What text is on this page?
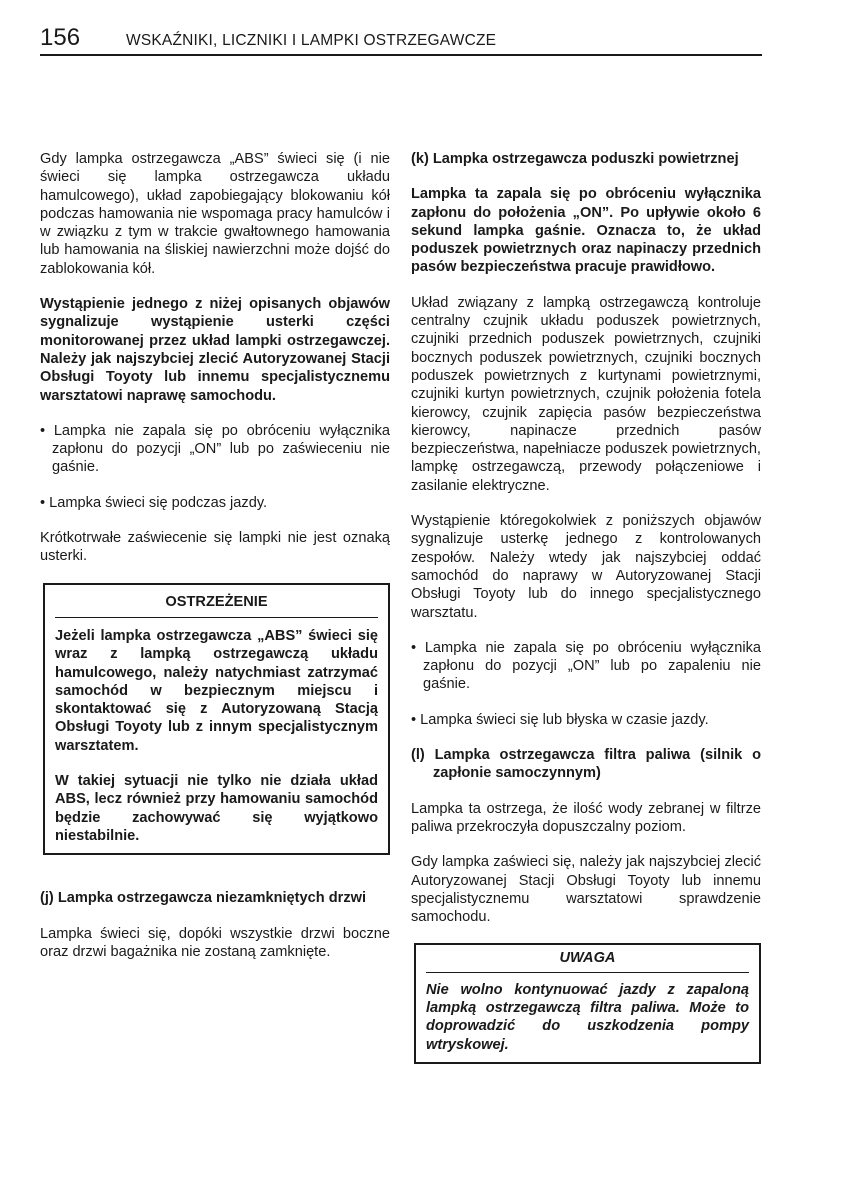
156	WSKAŹNIKI, LICZNIKI I LAMPKI OSTRZEGAWCZE

Gdy lampka ostrzegawcza „ABS” świeci się (i nie świeci się lampka ostrzegawcza układu hamulcowego), układ zapobiegający blokowaniu kół podczas hamowania nie wspomaga pracy hamulców i w związku z tym w trakcie gwałtownego hamowania lub hamowania na śliskiej nawierzchni może dojść do zablokowania kół.

Wystąpienie jednego z niżej opisanych objawów sygnalizuje wystąpienie usterki części monitorowanej przez układ lampki ostrzegawczej. Należy jak najszybciej zlecić Autoryzowanej Stacji Obsługi Toyoty lub innemu specjalistycznemu warsztatowi naprawę samochodu.

• Lampka nie zapala się po obróceniu wyłącznika zapłonu do pozycji „ON” lub po zaświeceniu nie gaśnie.

• Lampka świeci się podczas jazdy.

Krótkotrwałe zaświecenie się lampki nie jest oznaką usterki.

OSTRZEŻENIE

Jeżeli lampka ostrzegawcza „ABS” świeci się wraz z lampką ostrzegawczą układu hamulcowego, należy natychmiast zatrzymać samochód w bezpiecznym miejscu i skontaktować się z Autoryzowaną Stacją Obsługi Toyoty lub z innym specjalistycznym warsztatem.

W takiej sytuacji nie tylko nie działa układ ABS, lecz również przy hamowaniu samochód będzie zachowywać się wyjątkowo niestabilnie.

(j) Lampka ostrzegawcza niezamkniętych drzwi

Lampka świeci się, dopóki wszystkie drzwi boczne oraz drzwi bagażnika nie zostaną zamknięte.

(k) Lampka ostrzegawcza poduszki powietrznej

Lampka ta zapala się po obróceniu wyłącznika zapłonu do położenia „ON”. Po upływie około 6 sekund lampka gaśnie. Oznacza to, że układ poduszek powietrznych oraz napinaczy przednich pasów bezpieczeństwa pracuje prawidłowo.

Układ związany z lampką ostrzegawczą kontroluje centralny czujnik układu poduszek powietrznych, czujniki przednich poduszek powietrznych, czujniki bocznych poduszek powietrznych, czujniki bocznych poduszek powietrznych z kurtynami powietrznymi, czujniki kurtyn powietrznych, czujnik położenia fotela kierowcy, czujnik zapięcia pasów bezpieczeństwa kierowcy, napinacze przednich pasów bezpieczeństwa, napełniacze poduszek powietrznych, lampkę ostrzegawczą, przewody połączeniowe i zasilanie elektryczne.

Wystąpienie któregokolwiek z poniższych objawów sygnalizuje usterkę jednego z kontrolowanych zespołów. Należy wtedy jak najszybciej oddać samochód do naprawy w Autoryzowanej Stacji Obsługi Toyoty lub do innego specjalistycznego warsztatu.

• Lampka nie zapala się po obróceniu wyłącznika zapłonu do pozycji „ON” lub po zapaleniu nie gaśnie.

• Lampka świeci się lub błyska w czasie jazdy.

(l) Lampka ostrzegawcza filtra paliwa (silnik o zapłonie samoczynnym)

Lampka ta ostrzega, że ilość wody zebranej w filtrze paliwa przekroczyła dopuszczalny poziom.

Gdy lampka zaświeci się, należy jak najszybciej zlecić Autoryzowanej Stacji Obsługi Toyoty lub innemu specjalistycznemu warsztatowi sprawdzenie samochodu.

UWAGA

Nie wolno kontynuować jazdy z zapaloną lampką ostrzegawczą filtra paliwa. Może to doprowadzić do uszkodzenia pompy wtryskowej.
